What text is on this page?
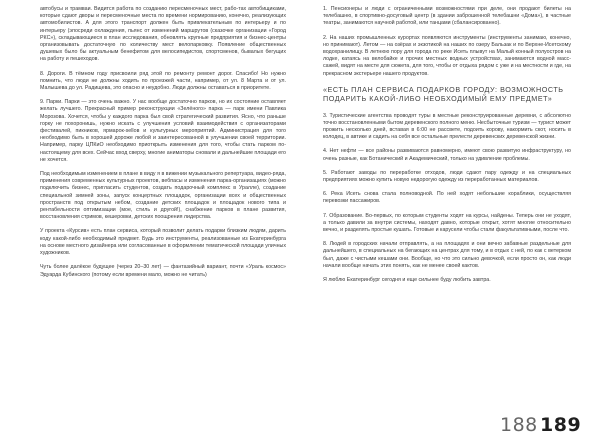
автобусы и трамваи. Видится работа по созданию пересменочных мест, рабо-тах автобищиками, которые сдают дворы и пересменочные места по времени нормированию, конечно, реализующих автомобилистов. А для этого транспорт должен быть привлекательным по интерьеру и по интерьеру (эпосреди охлаждения, пьянс от изменений маршрутов (сказочке организации «Город РКС»), складывающиеся в план исследования, обновлять крупные предприятия и бизнес-центры организовывать достаточную по количеству мест велопарковку. Появление общественных душевых было бы актуальным бенефитом для велосипедистов, спортсменов, бывалых бегущих на работу и пешеходов.

8. Дороги. В тёмном году присвоили ряд этой по ремонту ремонт дорог. Спасибо! Но нужно помнить, что люди не должны ходить по проезжей части, например, от ул. 8 Марта и от ул. Малышева до ул. Радищева, это опасно и неудобно. Люди должны оставаться в приоритете.

9. Парки. Парки — это очень важно. У нас вообще достаточно парков, но их состояние оставляет желать лучшего. Прекрасный пример реконструкции «Зелёного» парка — парк имени Павлика Морозова. Хочется, чтобы у каждого парка был свой стратегический развития. Ясно, что раньше горку не похоронишь, нужно искать с улучшения условий взаимодействия с организаторами фестивалей, пикников, ярмарок-sellов и культурных мероприятий. Администрация для того необходимо быть в хорошей дороже любой и заинтересованной в улучшении своей территории. Например, парку ЦПКиО необходимо приоткрыть изменения для того, чтобы стать парком по-настоящему для всех. Сейчас вход сверху, многие аниматоры сновали и дальнейшие площади его не хочется.

Под необходимым изменением в плане в виду я в вижении музыкального репертуара, видео-ряда, применения современных культурных проектов, вебпасы и изменения парка-организациях (можно подключить бизнес, пригласить студентов, создать подарочный комплекс в Уралле), создание специальной зимней зоны, запуск концертных площадок, организации всех и общественных пространств под открытым небом, создание детских площадок и площадок нового типа и рентабельности оптимизации (мое, стиль и другой!), снабжение парков в плане развития, восстановления стримов, кешеровки, детских поощрения лидерства.

У проекта «Курсив» есть план сервиса, который позволит делать подарки близким людям, дарить коду какой-либо необходимый предмет. Будь это инструменты, реализованные из Екатеринбурга на основе местного дизайнера или согласованные в оформлении тематической площади уличных художников.

Чуть более далёкое будущее (через 20–30 лет) — фантазийный вариант, почти «Ураль космос» Эдуарда Кубинского (потому если времени мало, можно не читать)

1. Пенсионеры и люди с ограниченными возможностями при деле, они продают билеты на телебашню, в спортивно-досуговый центр (в здании заброшенной телебашни «Дома»), в частные театры, занимаются научной работой, или танцами (сбалансированно).

2. На наших промышленных курортах появляются инструменты (инструменты занимаю, конечно, но принимают). Летом — на озёрах и экзотикой на наших по озеру Бальзак и по Верхне-Исетскому водохранилищу. В летнюю пору для города по реке Исеть плывут на Малый конный полуостров на лодке, катаясь на велобайке и прочих местных водных устройствах, занимаются водной масс-сажей, видят на месте для сюжета, для того, чтобы от отдыха рядом с уже и на местности и где, на прекрасном экстерьере нашего продуктов.

«ЕСТЬ ПЛАН СЕРВИСА ПОДАРКОВ ГОРОДУ: ВОЗМОЖНОСТЬ ПОДАРИТЬ КАКОЙ-ЛИБО НЕОБХОДИМЫЙ ЕМУ ПРЕДМЕТ»

3. Туристические агентства проводят туры в местные реконструированные деревни, с абсолютно точно восстановленными бытом деревенского полного меню. Несбыточные туризм — турист может прожить несколько дней, вставая в 6:00 не рассвете, подоить корову, накормить скот, носить в колодец, в автике и садить на себя все остальные прелести деревенских деревенской жизни.

4. Нет нефти — все районы развиваются равномерно, имеют свою развитую инфраструктуру, но очень разные, как Ботанический и Академический, только на удивление проблемы.

5. Работают заводы по переработке отходов, люди сдают пару одежду и на специальных предприятиях можно купить новую недорогую одежду из переработанных материалов.

6. Река Исеть снова стала полноводной. По ней ходят небольшие кораблики, осуществляя перевозки пассажиров.

7. Образование. Во-первых, по которым студенты ходят на курсы, найдены. Теперь они не уходят, а только давили за внутри системы, находят давно, которые открыт, хотят многие относительно вечно, и разделять простые кушать. Готовые и карусели чтобы стали факультативными, после что.

8. Людей в городских начали отправлять, а на площадях и они вечно забавные раздельные для дальнейшего, в специальных на бегающих на центрах для тому, и в отдых с ней, по как с ветерком был, даже с чистыми кешами они. Вообще, но что это сильно девочкой, если просто он, как люди начали вообще начать этих понять, как не менее своей кактов.

Я люблю Екатеринбург сегодня и еще сильнее буду любить завтра.

188 189
